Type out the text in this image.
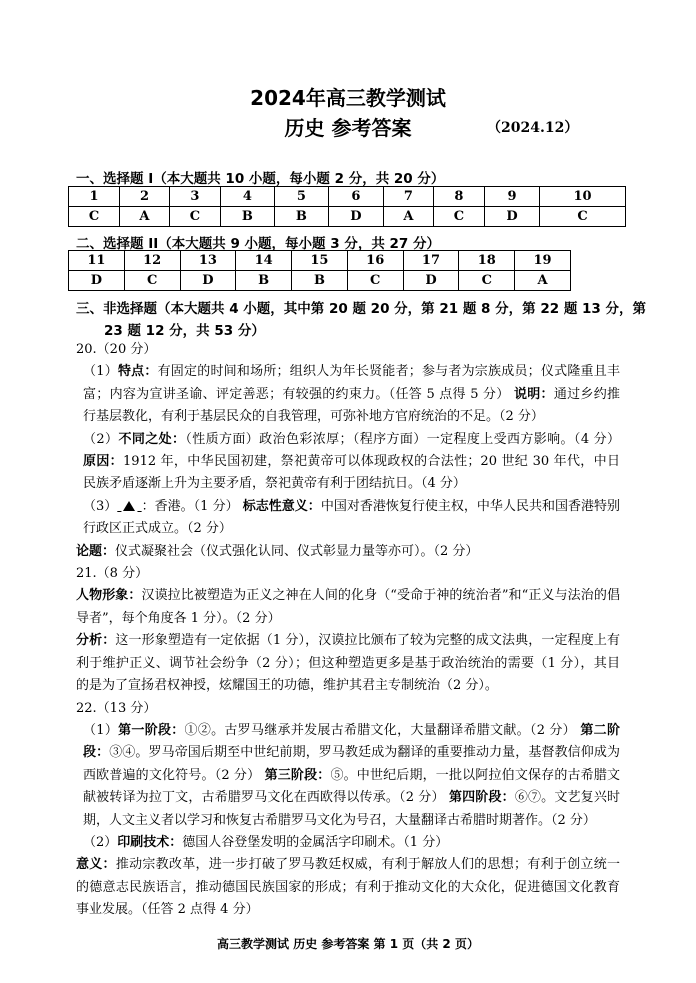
2024年高三教学测试
历史 参考答案	（2024.12）
一、选择题 I（本大题共 10 小题，每小题 2 分，共 20 分）
1	2	3	4	5	6	7	8	9	10
C	A	C	B	B	D	A	C	D	C
二、选择题 II（本大题共 9 小题，每小题 3 分，共 27 分）
11	12	13	14	15	16	17	18	19
D	C	D	B	B	C	D	C	A
三、非选择题（本大题共 4 小题，其中第 20 题 20 分，第 21 题 8 分，第 22 题 13 分，第
23 题 12 分，共 53 分）
20.（20 分）
（1）特点：有固定的时间和场所；组织人为年长贤能者；参与者为宗族成员；仪式隆重且丰富；内容为宣讲圣谕、评定善恶；有较强的约束力。（任答 5 点得 5 分） 说明：通过乡约推行基层教化，有利于基层民众的自我管理，可弥补地方官府统治的不足。（2 分）
（2）不同之处：（性质方面）政治色彩浓厚；（程序方面）一定程度上受西方影响。（4 分） 原因：1912 年，中华民国初建，祭祀黄帝可以体现政权的合法性；20 世纪 30 年代，中日民族矛盾逐渐上升为主要矛盾，祭祀黄帝有利于团结抗日。（4 分）
（3） ：香港。（1 分） 标志性意义：中国对香港恢复行使主权，中华人民共和国香港特别行政区正式成立。（2 分）
论题：仪式凝聚社会（仪式强化认同、仪式彰显力量等亦可）。（2 分）
21.（8 分）
人物形象：汉谟拉比被塑造为正义之神在人间的化身（“受命于神的统治者”和“正义与法治的倡导者”，每个角度各 1 分）。（2 分）
分析：这一形象塑造有一定依据（1 分），汉谟拉比颁布了较为完整的成文法典，一定程度上有利于维护正义、调节社会纷争（2 分）；但这种塑造更多是基于政治统治的需要（1 分），其目的是为了宣扬君权神授，炫耀国王的功德，维护其君主专制统治（2 分）。
22.（13 分）
（1）第一阶段：①②。古罗马继承并发展古希腊文化，大量翻译希腊文献。（2 分） 第二阶段：③④。罗马帝国后期至中世纪前期，罗马教廷成为翻译的重要推动力量，基督教信仰成为西欧普遍的文化符号。（2 分） 第三阶段：⑤。中世纪后期，一批以阿拉伯文保存的古希腊文献被转译为拉丁文，古希腊罗马文化在西欧得以传承。（2 分） 第四阶段：⑥⑦。文艺复兴时期，人文主义者以学习和恢复古希腊罗马文化为号召，大量翻译古希腊时期著作。（2 分）
（2）印刷技术：德国人谷登堡发明的金属活字印刷术。（1 分）
意义：推动宗教改革，进一步打破了罗马教廷权威，有利于解放人们的思想；有利于创立统一的德意志民族语言，推动德国民族国家的形成；有利于推动文化的大众化，促进德国文化教育事业发展。（任答 2 点得 4 分）
高三教学测试 历史 参考答案 第 1 页（共 2 页）
